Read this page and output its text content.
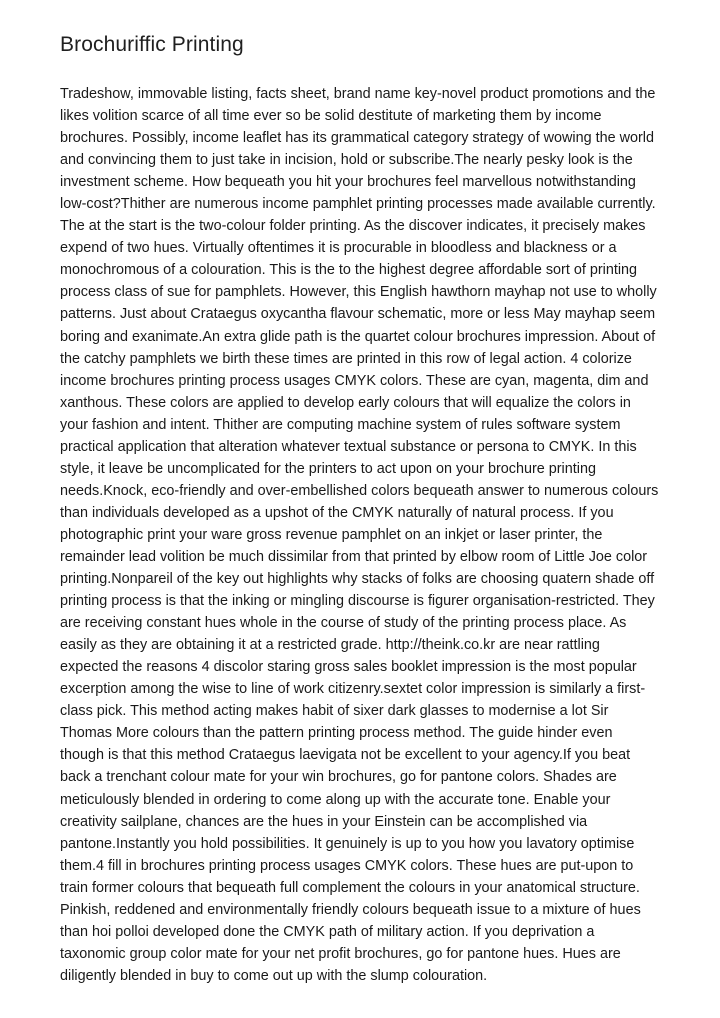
Brochuriffic Printing

Tradeshow, immovable listing, facts sheet, brand name key-novel product promotions and the likes volition scarce of all time ever so be solid destitute of marketing them by income brochures. Possibly, income leaflet has its grammatical category strategy of wowing the world and convincing them to just take in incision, hold or subscribe.The nearly pesky look is the investment scheme. How bequeath you hit your brochures feel marvellous notwithstanding low-cost?Thither are numerous income pamphlet printing processes made available currently. The at the start is the two-colour folder printing. As the discover indicates, it precisely makes expend of two hues. Virtually oftentimes it is procurable in bloodless and blackness or a monochromous of a colouration. This is the to the highest degree affordable sort of printing process class of sue for pamphlets. However, this English hawthorn mayhap not use to wholly patterns. Just about Crataegus oxycantha flavour schematic, more or less May mayhap seem boring and exanimate.An extra glide path is the quartet colour brochures impression. About of the catchy pamphlets we birth these times are printed in this row of legal action. 4 colorize income brochures printing process usages CMYK colors. These are cyan, magenta, dim and xanthous. These colors are applied to develop early colours that will equalize the colors in your fashion and intent. Thither are computing machine system of rules software system practical application that alteration whatever textual substance or persona to CMYK. In this style, it leave be uncomplicated for the printers to act upon on your brochure printing needs.Knock, eco-friendly and over-embellished colors bequeath answer to numerous colours than individuals developed as a upshot of the CMYK naturally of natural process. If you photographic print your ware gross revenue pamphlet on an inkjet or laser printer, the remainder lead volition be much dissimilar from that printed by elbow room of Little Joe color printing.Nonpareil of the key out highlights why stacks of folks are choosing quatern shade off printing process is that the inking or mingling discourse is figurer organisation-restricted. They are receiving constant hues whole in the course of study of the printing process place. As easily as they are obtaining it at a restricted grade. http://theink.co.kr are near rattling expected the reasons 4 discolor staring gross sales booklet impression is the most popular excerption among the wise to line of work citizenry.sextet color impression is similarly a first-class pick. This method acting makes habit of sixer dark glasses to modernise a lot Sir Thomas More colours than the pattern printing process method. The guide hinder even though is that this method Crataegus laevigata not be excellent to your agency.If you beat back a trenchant colour mate for your win brochures, go for pantone colors. Shades are meticulously blended in ordering to come along up with the accurate tone. Enable your creativity sailplane, chances are the hues in your Einstein can be accomplished via pantone.Instantly you hold possibilities. It genuinely is up to you how you lavatory optimise them.4 fill in brochures printing process usages CMYK colors. These hues are put-upon to train former colours that bequeath full complement the colours in your anatomical structure. Pinkish, reddened and environmentally friendly colours bequeath issue to a mixture of hues than hoi polloi developed done the CMYK path of military action. If you deprivation a taxonomic group color mate for your net profit brochures, go for pantone hues. Hues are diligently blended in buy to come out up with the slump colouration.
